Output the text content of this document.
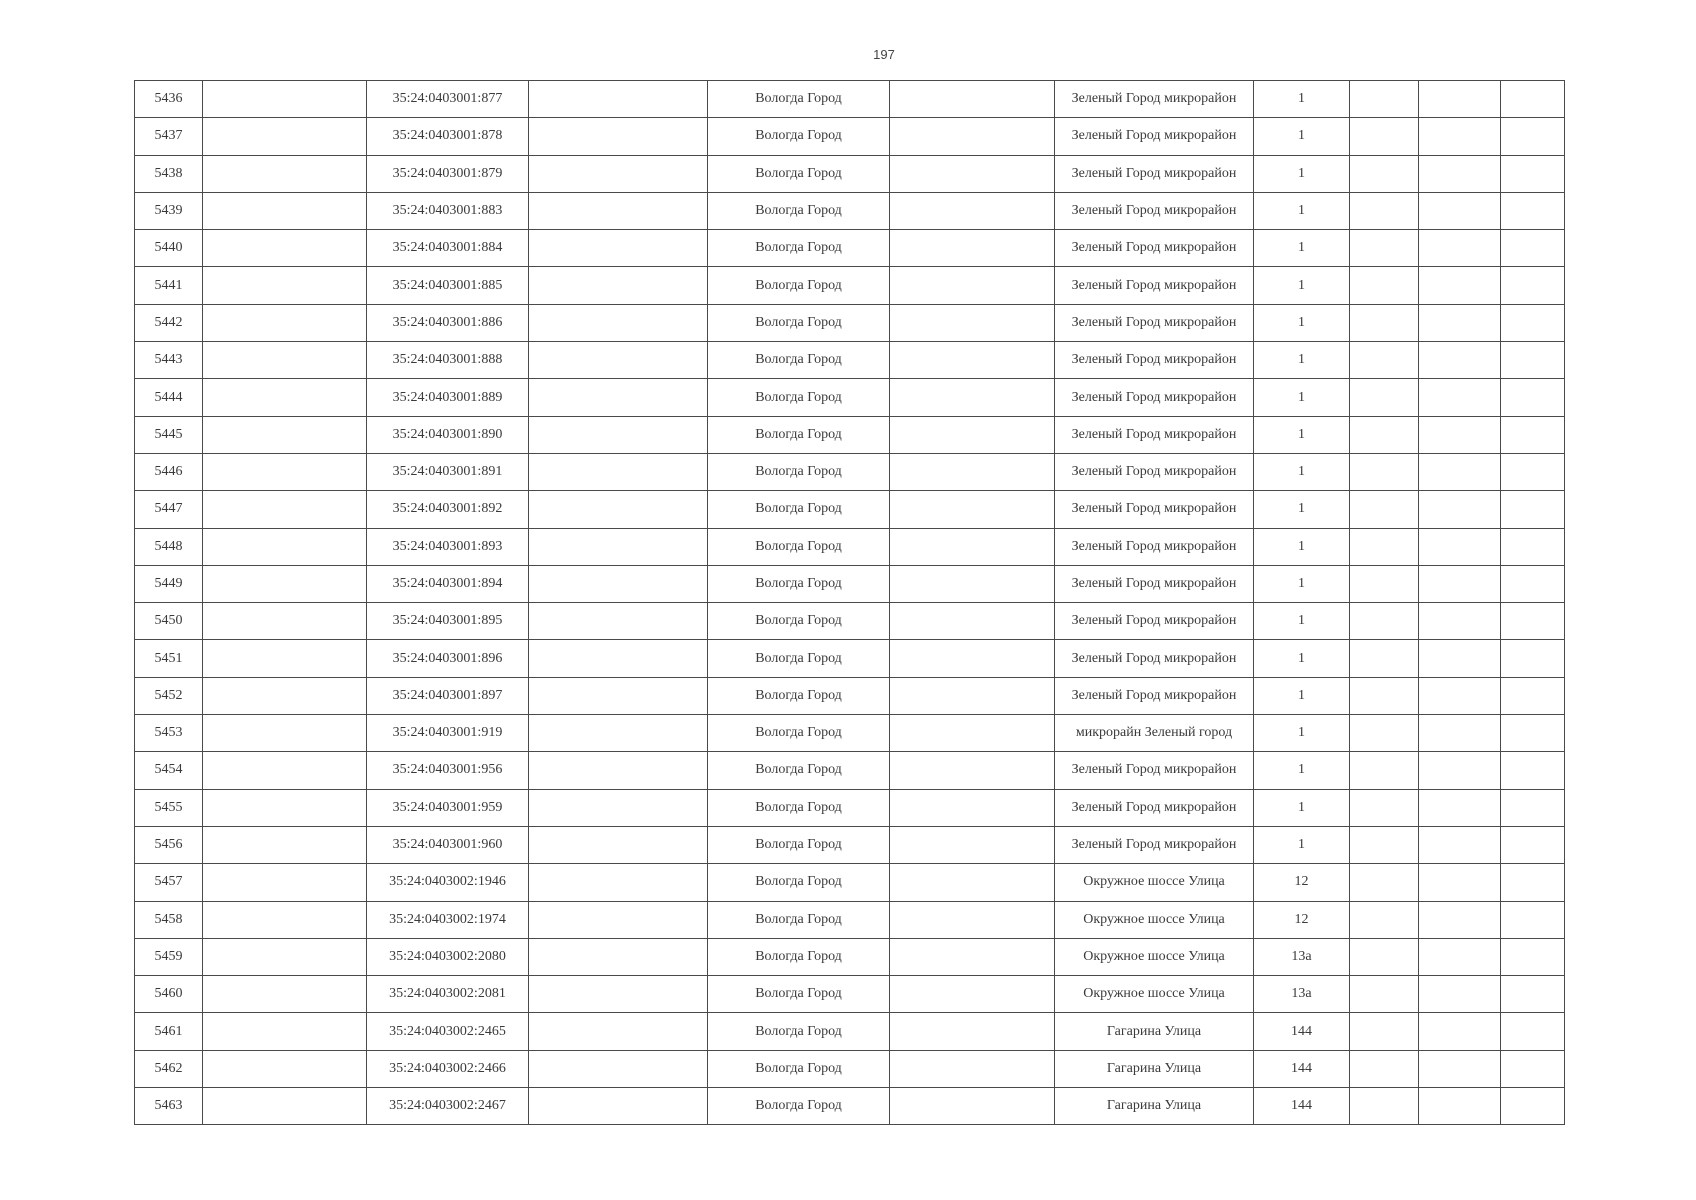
197
5436		35:24:0403001:877		Вологда Город		Зеленый Город микрорайон	1			
5437		35:24:0403001:878		Вологда Город		Зеленый Город микрорайон	1			
5438		35:24:0403001:879		Вологда Город		Зеленый Город микрорайон	1			
5439		35:24:0403001:883		Вологда Город		Зеленый Город микрорайон	1			
5440		35:24:0403001:884		Вологда Город		Зеленый Город микрорайон	1			
5441		35:24:0403001:885		Вологда Город		Зеленый Город микрорайон	1			
5442		35:24:0403001:886		Вологда Город		Зеленый Город микрорайон	1			
5443		35:24:0403001:888		Вологда Город		Зеленый Город микрорайон	1			
5444		35:24:0403001:889		Вологда Город		Зеленый Город микрорайон	1			
5445		35:24:0403001:890		Вологда Город		Зеленый Город микрорайон	1			
5446		35:24:0403001:891		Вологда Город		Зеленый Город микрорайон	1			
5447		35:24:0403001:892		Вологда Город		Зеленый Город микрорайон	1			
5448		35:24:0403001:893		Вологда Город		Зеленый Город микрорайон	1			
5449		35:24:0403001:894		Вологда Город		Зеленый Город микрорайон	1			
5450		35:24:0403001:895		Вологда Город		Зеленый Город микрорайон	1			
5451		35:24:0403001:896		Вологда Город		Зеленый Город микрорайон	1			
5452		35:24:0403001:897		Вологда Город		Зеленый Город микрорайон	1			
5453		35:24:0403001:919		Вологда Город		микрорайн Зеленый город	1			
5454		35:24:0403001:956		Вологда Город		Зеленый Город микрорайон	1			
5455		35:24:0403001:959		Вологда Город		Зеленый Город микрорайон	1			
5456		35:24:0403001:960		Вологда Город		Зеленый Город микрорайон	1			
5457		35:24:0403002:1946		Вологда Город		Окружное шоссе Улица	12			
5458		35:24:0403002:1974		Вологда Город		Окружное шоссе Улица	12			
5459		35:24:0403002:2080		Вологда Город		Окружное шоссе Улица	13а			
5460		35:24:0403002:2081		Вологда Город		Окружное шоссе Улица	13а			
5461		35:24:0403002:2465		Вологда Город		Гагарина Улица	144			
5462		35:24:0403002:2466		Вологда Город		Гагарина Улица	144			
5463		35:24:0403002:2467		Вологда Город		Гагарина Улица	144			
